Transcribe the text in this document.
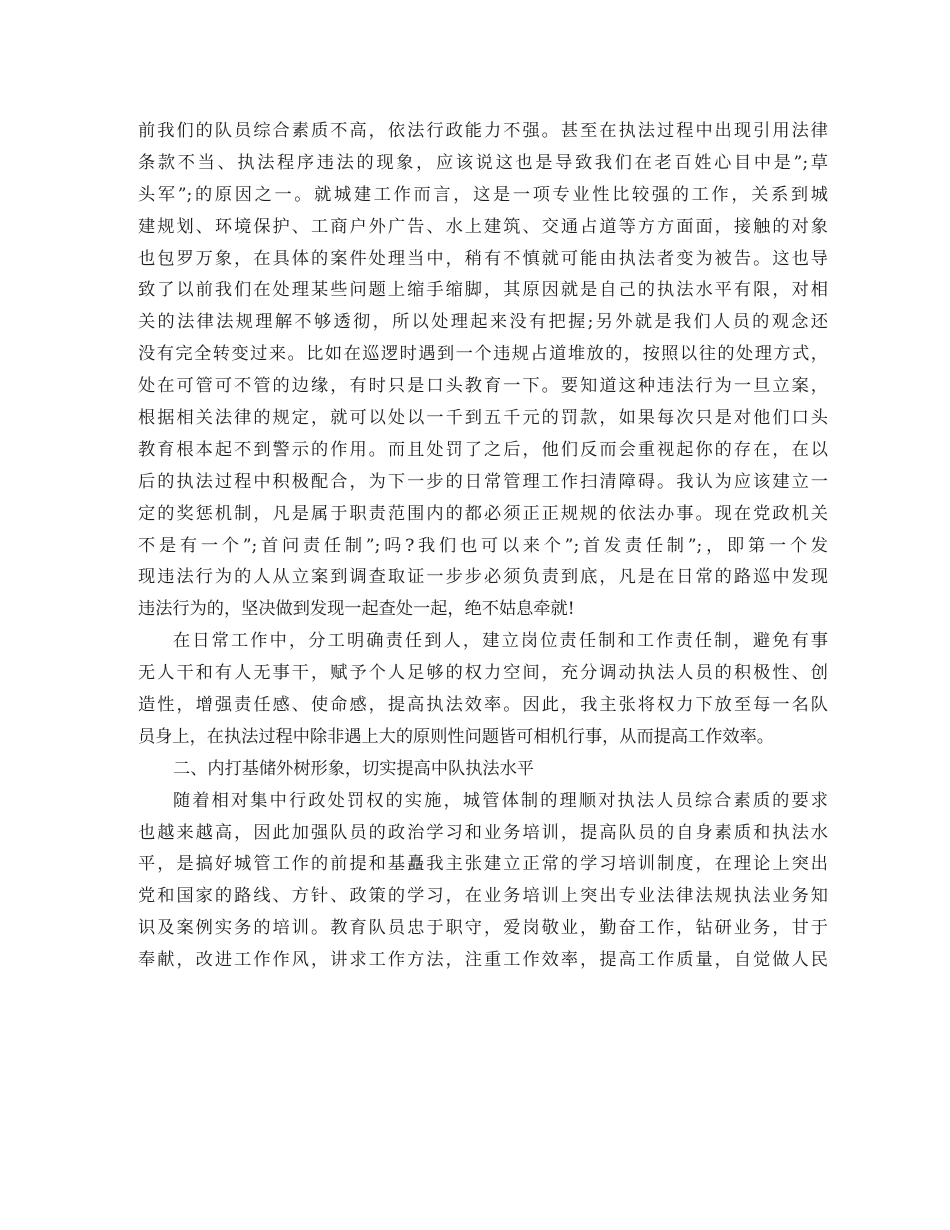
前我们的队员综合素质不高，依法行政能力不强。甚至在执法过程中出现引用法律
条款不当、执法程序违法的现象，应该说这也是导致我们在老百姓心目中是”;草
头军”;的原因之一。就城建工作而言，这是一项专业性比较强的工作，关系到城
建规划、环境保护、工商户外广告、水上建筑、交通占道等方方面面，接触的对象
也包罗万象，在具体的案件处理当中，稍有不慎就可能由执法者变为被告。这也导
致了以前我们在处理某些问题上缩手缩脚，其原因就是自己的执法水平有限，对相
关的法律法规理解不够透彻，所以处理起来没有把握;另外就是我们人员的观念还
没有完全转变过来。比如在巡逻时遇到一个违规占道堆放的，按照以往的处理方式，
处在可管可不管的边缘，有时只是口头教育一下。要知道这种违法行为一旦立案，
根据相关法律的规定，就可以处以一千到五千元的罚款，如果每次只是对他们口头
教育根本起不到警示的作用。而且处罚了之后，他们反而会重视起你的存在，在以
后的执法过程中积极配合，为下一步的日常管理工作扫清障碍。我认为应该建立一
定的奖惩机制，凡是属于职责范围内的都必须正正规规的依法办事。现在党政机关
不是有一个”;首问责任制”;吗?我们也可以来个”;首发责任制”;，即第一个发
现违法行为的人从立案到调查取证一步步必须负责到底，凡是在日常的路巡中发现
违法行为的，坚决做到发现一起查处一起，绝不姑息牵就!
在日常工作中，分工明确责任到人，建立岗位责任制和工作责任制，避免有事
无人干和有人无事干，赋予个人足够的权力空间，充分调动执法人员的积极性、创
造性，增强责任感、使命感，提高执法效率。因此，我主张将权力下放至每一名队
员身上，在执法过程中除非遇上大的原则性问题皆可相机行事，从而提高工作效率。
二、内打基储外树形象，切实提高中队执法水平
随着相对集中行政处罚权的实施，城管体制的理顺对执法人员综合素质的要求
也越来越高，因此加强队员的政治学习和业务培训，提高队员的自身素质和执法水
平，是搞好城管工作的前提和基矗我主张建立正常的学习培训制度，在理论上突出
党和国家的路线、方针、政策的学习，在业务培训上突出专业法律法规执法业务知
识及案例实务的培训。教育队员忠于职守，爱岗敬业，勤奋工作，钻研业务，甘于
奉献，改进工作作风，讲求工作方法，注重工作效率，提高工作质量，自觉做人民
